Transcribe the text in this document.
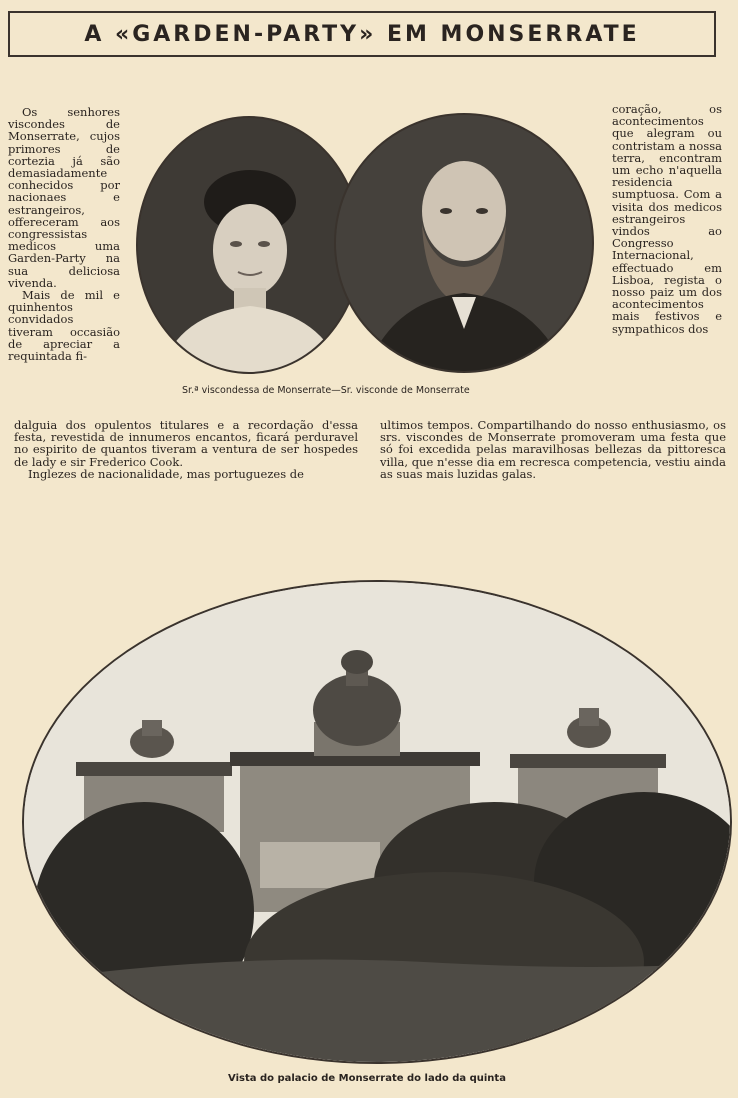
A «GARDEN-PARTY» EM MONSERRATE

Os senhores viscondes de Monserrate, cujos primores de cortezia já são demasiadamente conhecidos por nacionaes e estrangeiros, offereceram aos congressistas medicos uma Garden-Party na sua deliciosa vivenda.

Mais de mil e quinhentos convidados tiveram occasião de apreciar a requintada fi-

coração, os acontecimentos que alegram ou contristam a nossa terra, encontram um echo n'aquella residencia sumptuosa. Com a visita dos medicos estrangeiros vindos ao Congresso Internacional, effectuado em Lisboa, regista o nosso paiz um dos acontecimentos mais festivos e sympathicos dos

Sr.ª viscondessa de Monserrate—Sr. visconde de Monserrate

dalguia dos opulentos titulares e a recordação d'essa festa, revestida de innumeros encantos, ficará perduravel no espirito de quantos tiveram a ventura de ser hospedes de lady e sir Frederico Cook.

Inglezes de nacionalidade, mas portuguezes de

ultimos tempos. Compartilhando do nosso enthusiasmo, os srs. viscondes de Monserrate promoveram uma festa que só foi excedida pelas maravilhosas bellezas da pittoresca villa, que n'esse dia em recresca competencia, vestiu ainda as suas mais luzidas galas.

Vista do palacio de Monserrate do lado da quinta
